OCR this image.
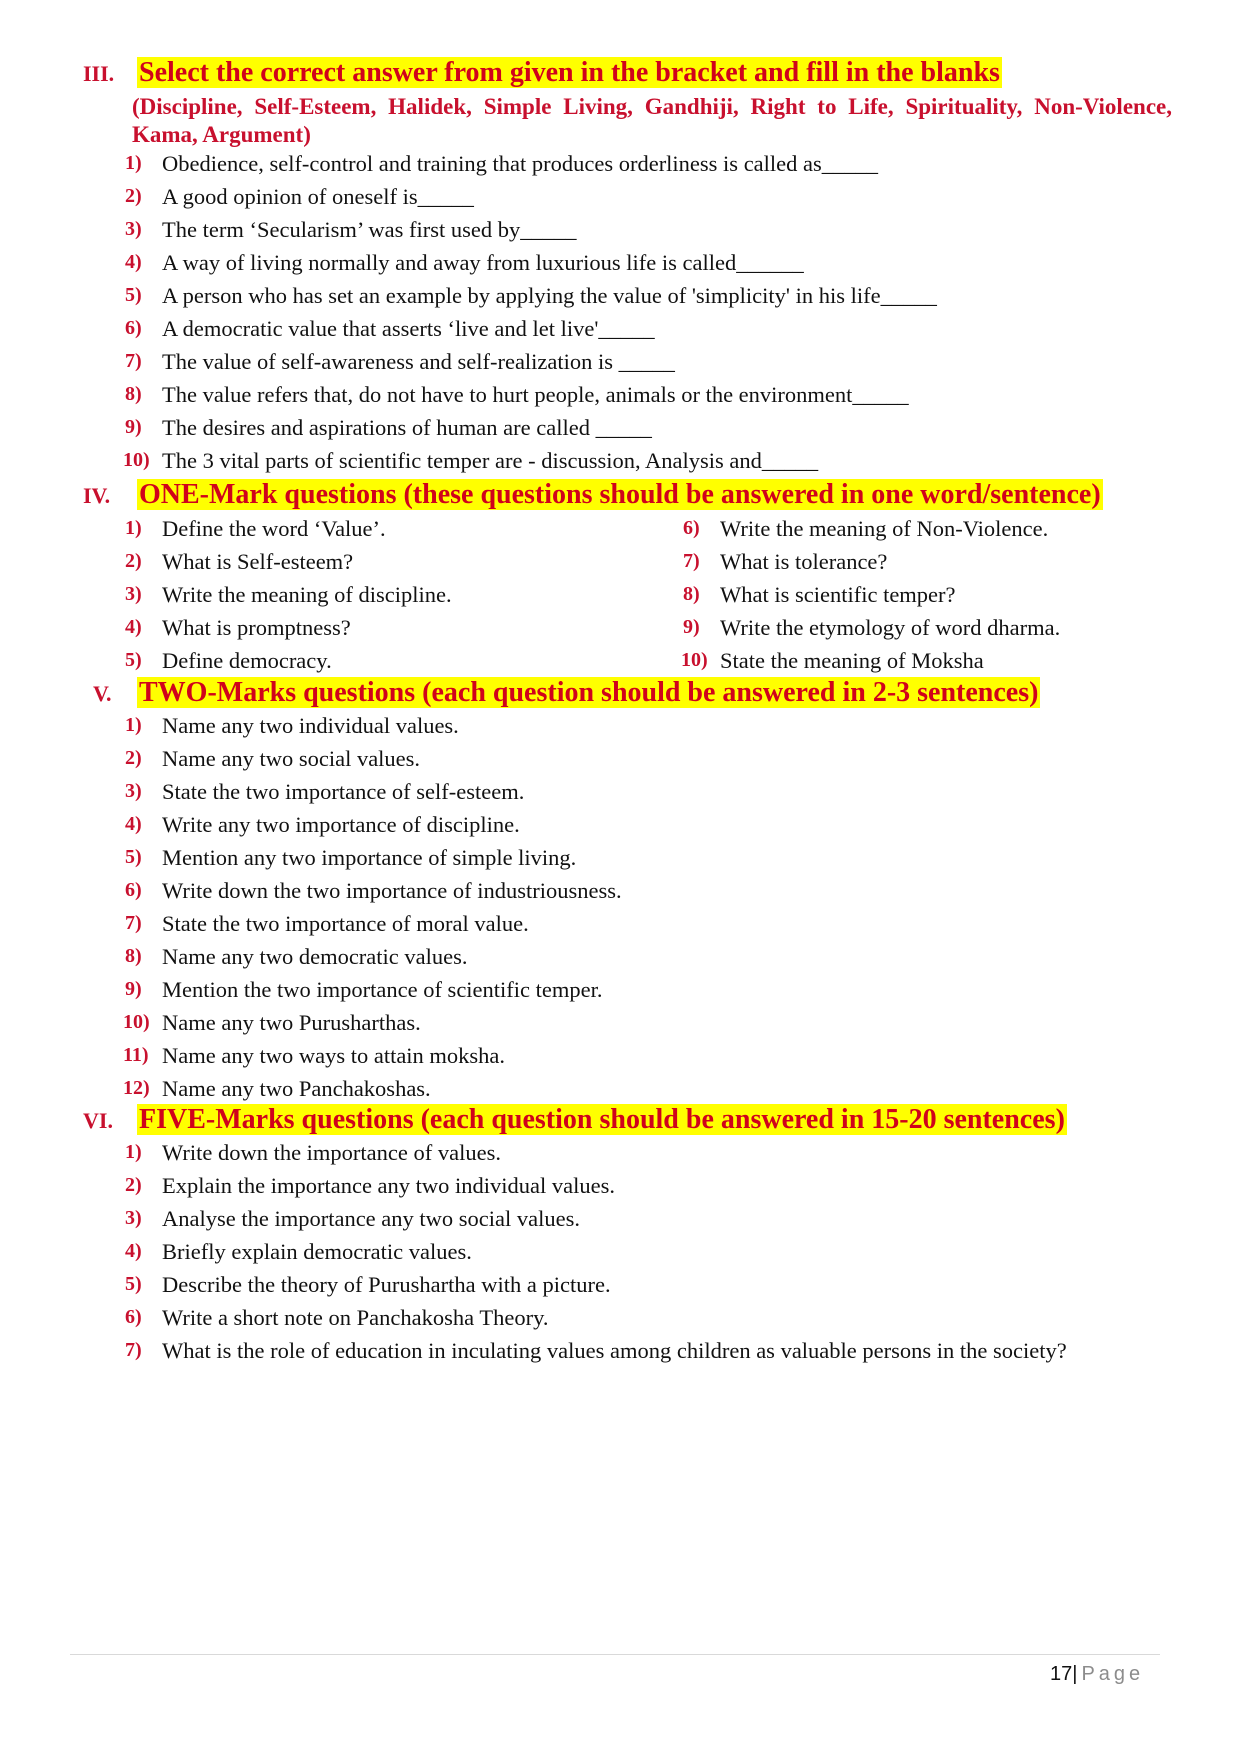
III. Select the correct answer from given in the bracket and fill in the blanks
(Discipline, Self-Esteem, Halidek, Simple Living, Gandhiji, Right to Life, Spirituality, Non-Violence, Kama, Argument)
1) Obedience, self-control and training that produces orderliness is called as_____
2) A good opinion of oneself is_____
3) The term ‘Secularism’ was first used by_____
4) A way of living normally and away from luxurious life is called______
5) A person who has set an example by applying the value of 'simplicity' in his life_____
6) A democratic value that asserts ‘live and let live'_____
7) The value of self-awareness and self-realization is _____
8) The value refers that, do not have to hurt people, animals or the environment_____
9) The desires and aspirations of human are called _____
10) The 3 vital parts of scientific temper are - discussion, Analysis and_____
IV. ONE-Mark questions (these questions should be answered in one word/sentence)
1) Define the word ‘Value’.
2) What is Self-esteem?
3) Write the meaning of discipline.
4) What is promptness?
5) Define democracy.
6) Write the meaning of Non-Violence.
7) What is tolerance?
8) What is scientific temper?
9) Write the etymology of word dharma.
10) State the meaning of Moksha
V. TWO-Marks questions (each question should be answered in 2-3 sentences)
1) Name any two individual values.
2) Name any two social values.
3) State the two importance of self-esteem.
4) Write any two importance of discipline.
5) Mention any two importance of simple living.
6) Write down the two importance of industriousness.
7) State the two importance of moral value.
8) Name any two democratic values.
9) Mention the two importance of scientific temper.
10) Name any two Purusharthas.
11) Name any two ways to attain moksha.
12) Name any two Panchakoshas.
VI. FIVE-Marks questions (each question should be answered in 15-20 sentences)
1) Write down the importance of values.
2) Explain the importance any two individual values.
3) Analyse the importance any two social values.
4) Briefly explain democratic values.
5) Describe the theory of Purushartha with a picture.
6) Write a short note on Panchakosha Theory.
7) What is the role of education in inculating values among children as valuable persons in the society?
17| Page
